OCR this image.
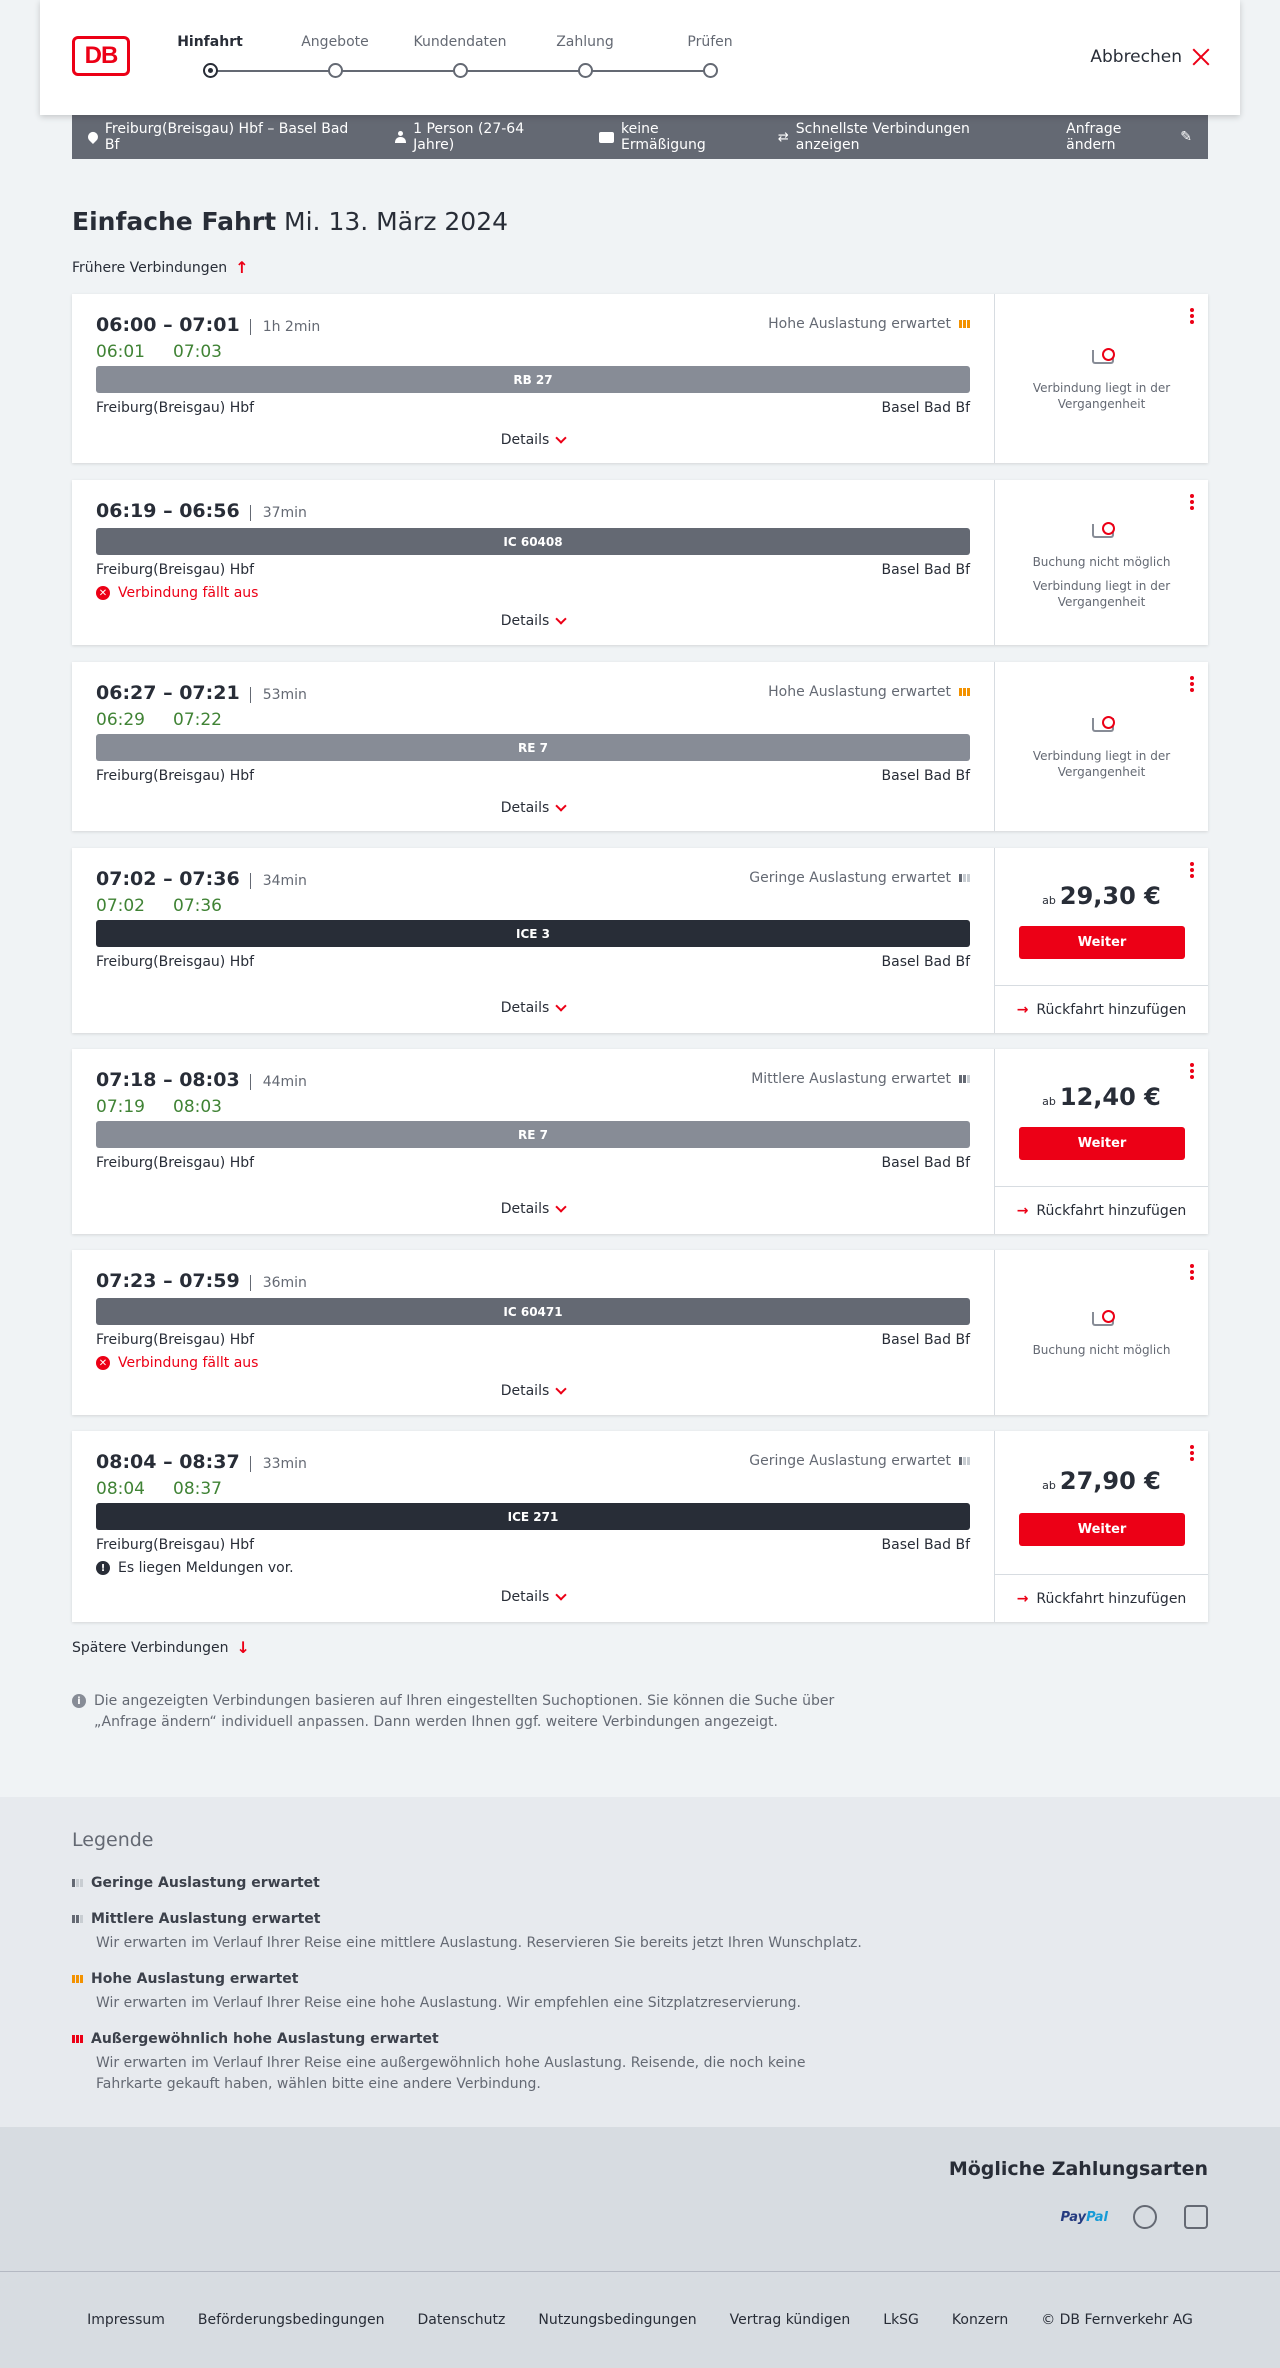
DB	Hinfahrt	Angebote	Kundendaten	Zahlung	Prüfen
Abbrechen
Freiburg(Breisgau) Hbf – Basel Bad Bf
1 Person (27-64 Jahre)
keine Ermäßigung	⇄ Schnellste Verbindungen anzeigen
Anfrage ändern	✎
Einfache Fahrt Mi. 13. März 2024
Frühere Verbindungen ↑
06:00 – 07:01 1h 2min	Hohe Auslastung erwartet
06:01 07:03
RB 27
Freiburg(Breisgau) Hbf	Basel Bad Bf
Details
Verbindung liegt in der Vergangenheit
06:19 – 06:56 37min
IC 60408
Freiburg(Breisgau) Hbf	Basel Bad Bf
✕ Verbindung fällt aus
Details
Buchung nicht möglich
Verbindung liegt in der Vergangenheit
06:27 – 07:21 53min	Hohe Auslastung erwartet
06:29 07:22
RE 7
Freiburg(Breisgau) Hbf	Basel Bad Bf
Details
Verbindung liegt in der Vergangenheit
07:02 – 07:36 34min	Geringe Auslastung erwartet
07:02 07:36
ICE 3
Freiburg(Breisgau) Hbf	Basel Bad Bf
Details
ab 29,30 €
Weiter
→ Rückfahrt hinzufügen
07:18 – 08:03 44min	Mittlere Auslastung erwartet
07:19 08:03
RE 7
Freiburg(Breisgau) Hbf	Basel Bad Bf
Details
ab 12,40 €
Weiter
→ Rückfahrt hinzufügen
07:23 – 07:59 36min
IC 60471
Freiburg(Breisgau) Hbf	Basel Bad Bf
✕ Verbindung fällt aus
Details
Buchung nicht möglich
08:04 – 08:37 33min	Geringe Auslastung erwartet
08:04 08:37
ICE 271
Freiburg(Breisgau) Hbf	Basel Bad Bf
! Es liegen Meldungen vor.
Details
ab 27,90 €
Weiter
→ Rückfahrt hinzufügen
Spätere Verbindungen ↓
i Die angezeigten Verbindungen basieren auf Ihren eingestellten Suchoptionen. Sie können die Suche über „Anfrage ändern“ individuell anpassen. Dann werden Ihnen ggf. weitere Verbindungen angezeigt.
Legende
Geringe Auslastung erwartet
Mittlere Auslastung erwartet

Wir erwarten im Verlauf Ihrer Reise eine mittlere Auslastung. Reservieren Sie bereits jetzt Ihren Wunschplatz.

Hohe Auslastung erwartet

Wir erwarten im Verlauf Ihrer Reise eine hohe Auslastung. Wir empfehlen eine Sitzplatzreservierung.

Außergewöhnlich hohe Auslastung erwartet

Wir erwarten im Verlauf Ihrer Reise eine außergewöhnlich hohe Auslastung. Reisende, die noch keine Fahrkarte gekauft haben, wählen bitte eine andere Verbindung.

Mögliche Zahlungsarten
PayPal
Impressum Beförderungsbedingungen Datenschutz Nutzungsbedingungen Vertrag kündigen LkSG Konzern © DB Fernverkehr AG
